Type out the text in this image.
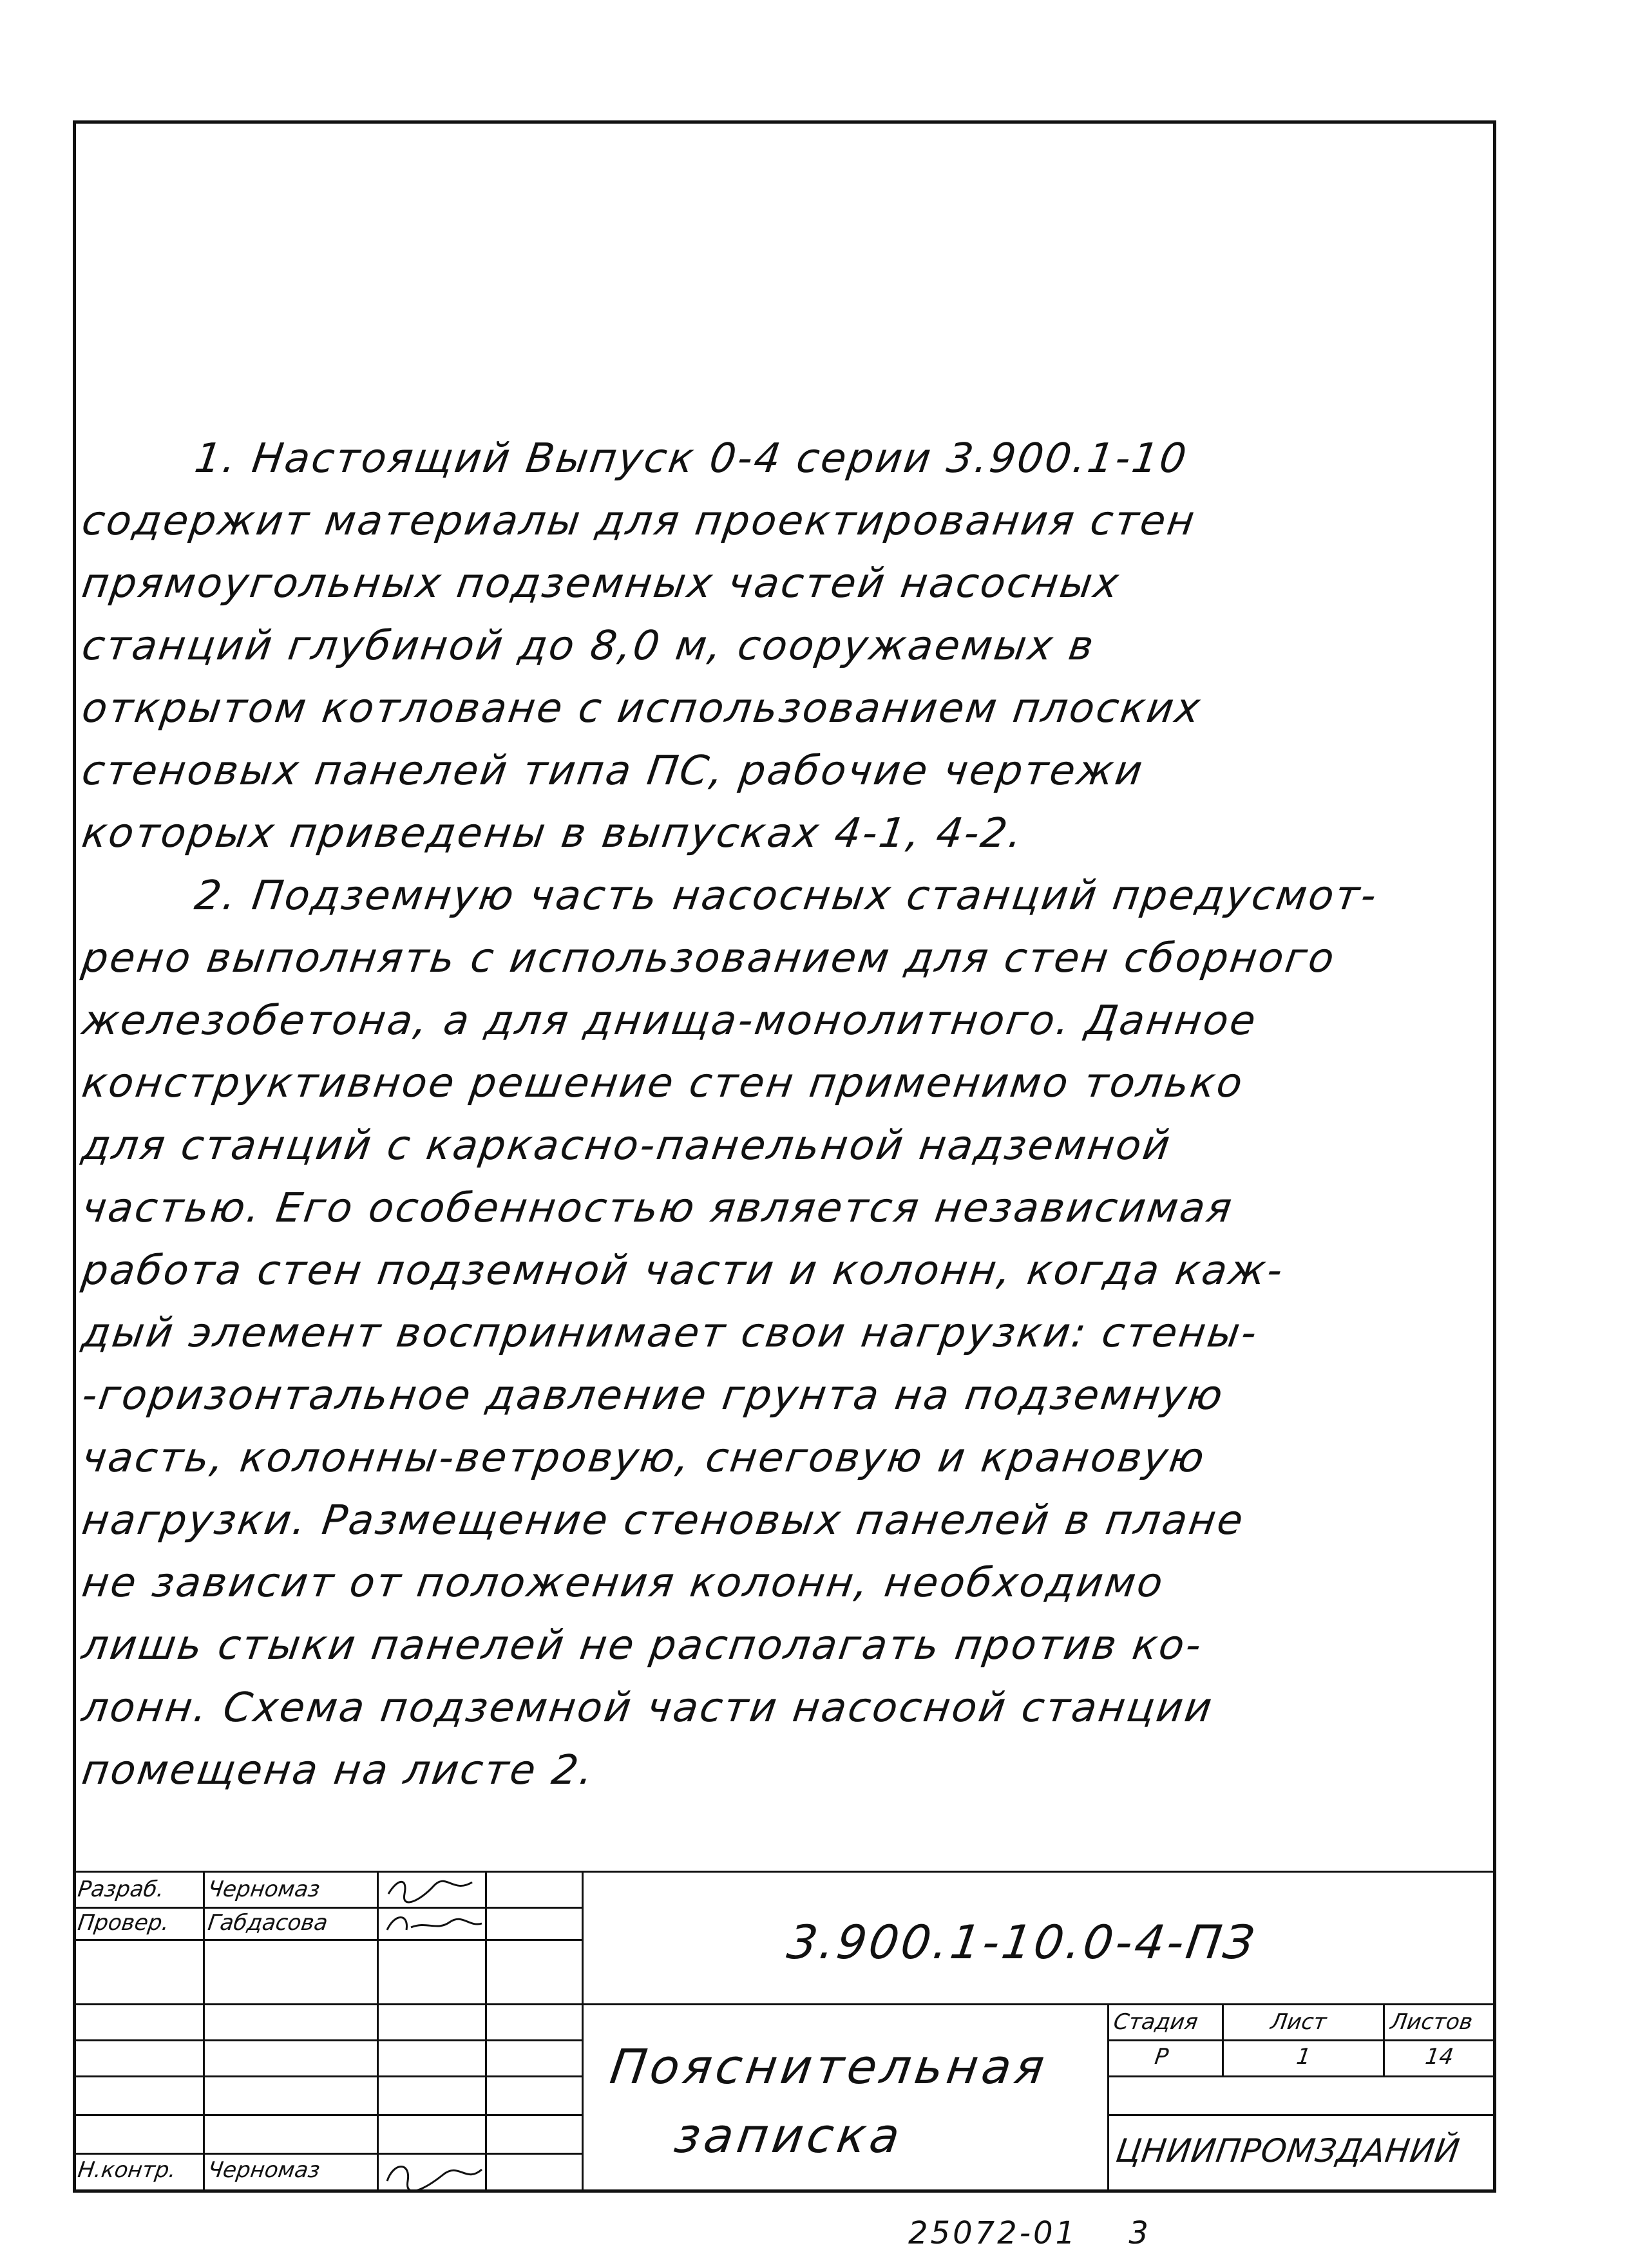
1. Настоящий Выпуск 0-4 серии 3.900.1-10
содержит материалы для проектирования стен
прямоугольных подземных частей насосных
станций глубиной до 8,0 м, сооружаемых в
открытом котловане с использованием плоских
стеновых панелей типа ПС, рабочие чертежи
которых приведены в выпусках 4-1, 4-2.
2. Подземную часть насосных станций предусмот-
рено выполнять с использованием для стен сборного
железобетона, а для днища-монолитного. Данное
конструктивное решение стен применимо только
для станций с каркасно-панельной надземной
частью. Его особенностью является независимая
работа стен подземной части и колонн, когда каж-
дый элемент воспринимает свои нагрузки: стены-
-горизонтальное давление грунта на подземную
часть, колонны-ветровую, снеговую и крановую
нагрузки. Размещение стеновых панелей в плане
не зависит от положения колонн, необходимо
лишь стыки панелей не располагать против ко-
лонн. Схема подземной части насосной станции
помещена на листе 2.
Разраб. Черномаз
Провер. Габдасова
Н.контр. Черномаз
3.900.1-10.0-4-ПЗ
Пояснительная
записка
Стадия	Лист	Листов
Р	1	14
ЦНИИПРОМЗДАНИЙ
25072-01 3
